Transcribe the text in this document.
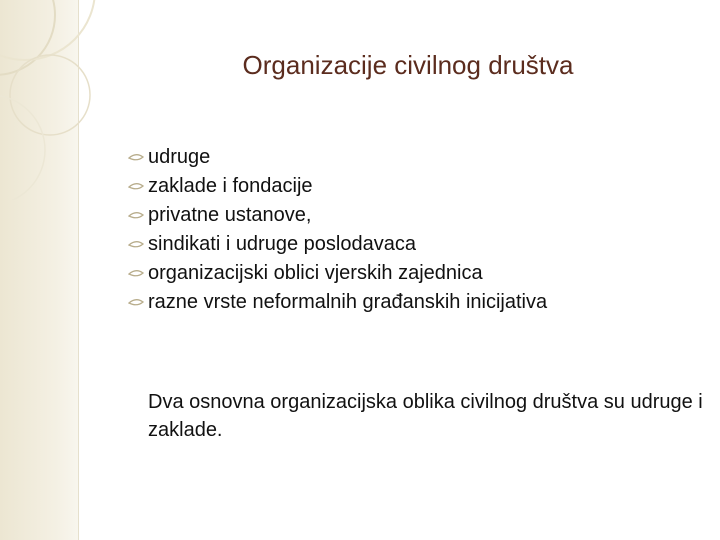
Organizacije civilnog društva
udruge
zaklade i fondacije
privatne ustanove,
sindikati i udruge poslodavaca
organizacijski oblici vjerskih zajednica
razne vrste neformalnih građanskih inicijativa

Dva osnovna organizacijska oblika civilnog društva su udruge i zaklade.
